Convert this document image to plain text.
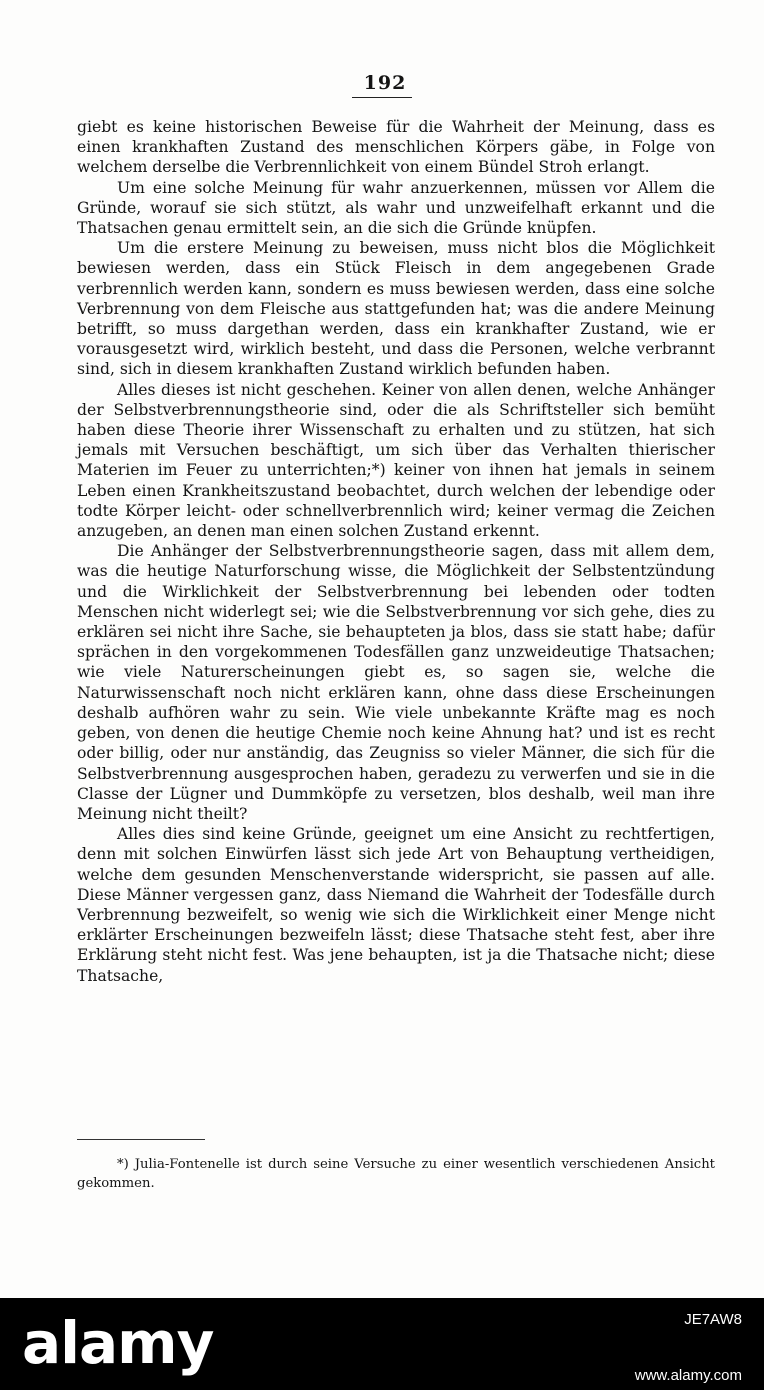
192

giebt es keine historischen Beweise für die Wahrheit der Meinung, dass es einen krankhaften Zustand des menschlichen Körpers gäbe, in Folge von welchem derselbe die Verbrennlichkeit von einem Bündel Stroh erlangt.

Um eine solche Meinung für wahr anzuerkennen, müssen vor Allem die Gründe, worauf sie sich stützt, als wahr und unzweifelhaft erkannt und die Thatsachen genau ermittelt sein, an die sich die Gründe knüpfen.

Um die erstere Meinung zu beweisen, muss nicht blos die Möglichkeit bewiesen werden, dass ein Stück Fleisch in dem angegebenen Grade verbrennlich werden kann, sondern es muss bewiesen werden, dass eine solche Verbrennung von dem Fleische aus stattgefunden hat; was die andere Meinung betrifft, so muss dargethan werden, dass ein krankhafter Zustand, wie er vorausgesetzt wird, wirklich besteht, und dass die Personen, welche verbrannt sind, sich in diesem krankhaften Zustand wirklich befunden haben.

Alles dieses ist nicht geschehen. Keiner von allen denen, welche Anhänger der Selbstverbrennungstheorie sind, oder die als Schriftsteller sich bemüht haben diese Theorie ihrer Wissenschaft zu erhalten und zu stützen, hat sich jemals mit Versuchen beschäftigt, um sich über das Verhalten thierischer Materien im Feuer zu unterrichten;*) keiner von ihnen hat jemals in seinem Leben einen Krankheitszustand beobachtet, durch welchen der lebendige oder todte Körper leicht- oder schnellverbrennlich wird; keiner vermag die Zeichen anzugeben, an denen man einen solchen Zustand erkennt.

Die Anhänger der Selbstverbrennungstheorie sagen, dass mit allem dem, was die heutige Naturforschung wisse, die Möglichkeit der Selbstentzündung und die Wirklichkeit der Selbstverbrennung bei lebenden oder todten Menschen nicht widerlegt sei; wie die Selbstverbrennung vor sich gehe, dies zu erklären sei nicht ihre Sache, sie behaupteten ja blos, dass sie statt habe; dafür sprächen in den vorgekommenen Todesfällen ganz unzweideutige Thatsachen; wie viele Naturerscheinungen giebt es, so sagen sie, welche die Naturwissenschaft noch nicht erklären kann, ohne dass diese Erscheinungen deshalb aufhören wahr zu sein. Wie viele unbekannte Kräfte mag es noch geben, von denen die heutige Chemie noch keine Ahnung hat? und ist es recht oder billig, oder nur anständig, das Zeugniss so vieler Männer, die sich für die Selbstverbrennung ausgesprochen haben, geradezu zu verwerfen und sie in die Classe der Lügner und Dummköpfe zu versetzen, blos deshalb, weil man ihre Meinung nicht theilt?

Alles dies sind keine Gründe, geeignet um eine Ansicht zu rechtfertigen, denn mit solchen Einwürfen lässt sich jede Art von Behauptung vertheidigen, welche dem gesunden Menschenverstande widerspricht, sie passen auf alle. Diese Männer vergessen ganz, dass Niemand die Wahrheit der Todesfälle durch Verbrennung bezweifelt, so wenig wie sich die Wirklichkeit einer Menge nicht erklärter Erscheinungen bezweifeln lässt; diese Thatsache steht fest, aber ihre Erklärung steht nicht fest. Was jene behaupten, ist ja die Thatsache nicht; diese Thatsache,

*) Julia-Fontenelle ist durch seine Versuche zu einer wesentlich verschiedenen Ansicht gekommen.

alamy	JE7AW8
www.alamy.com
